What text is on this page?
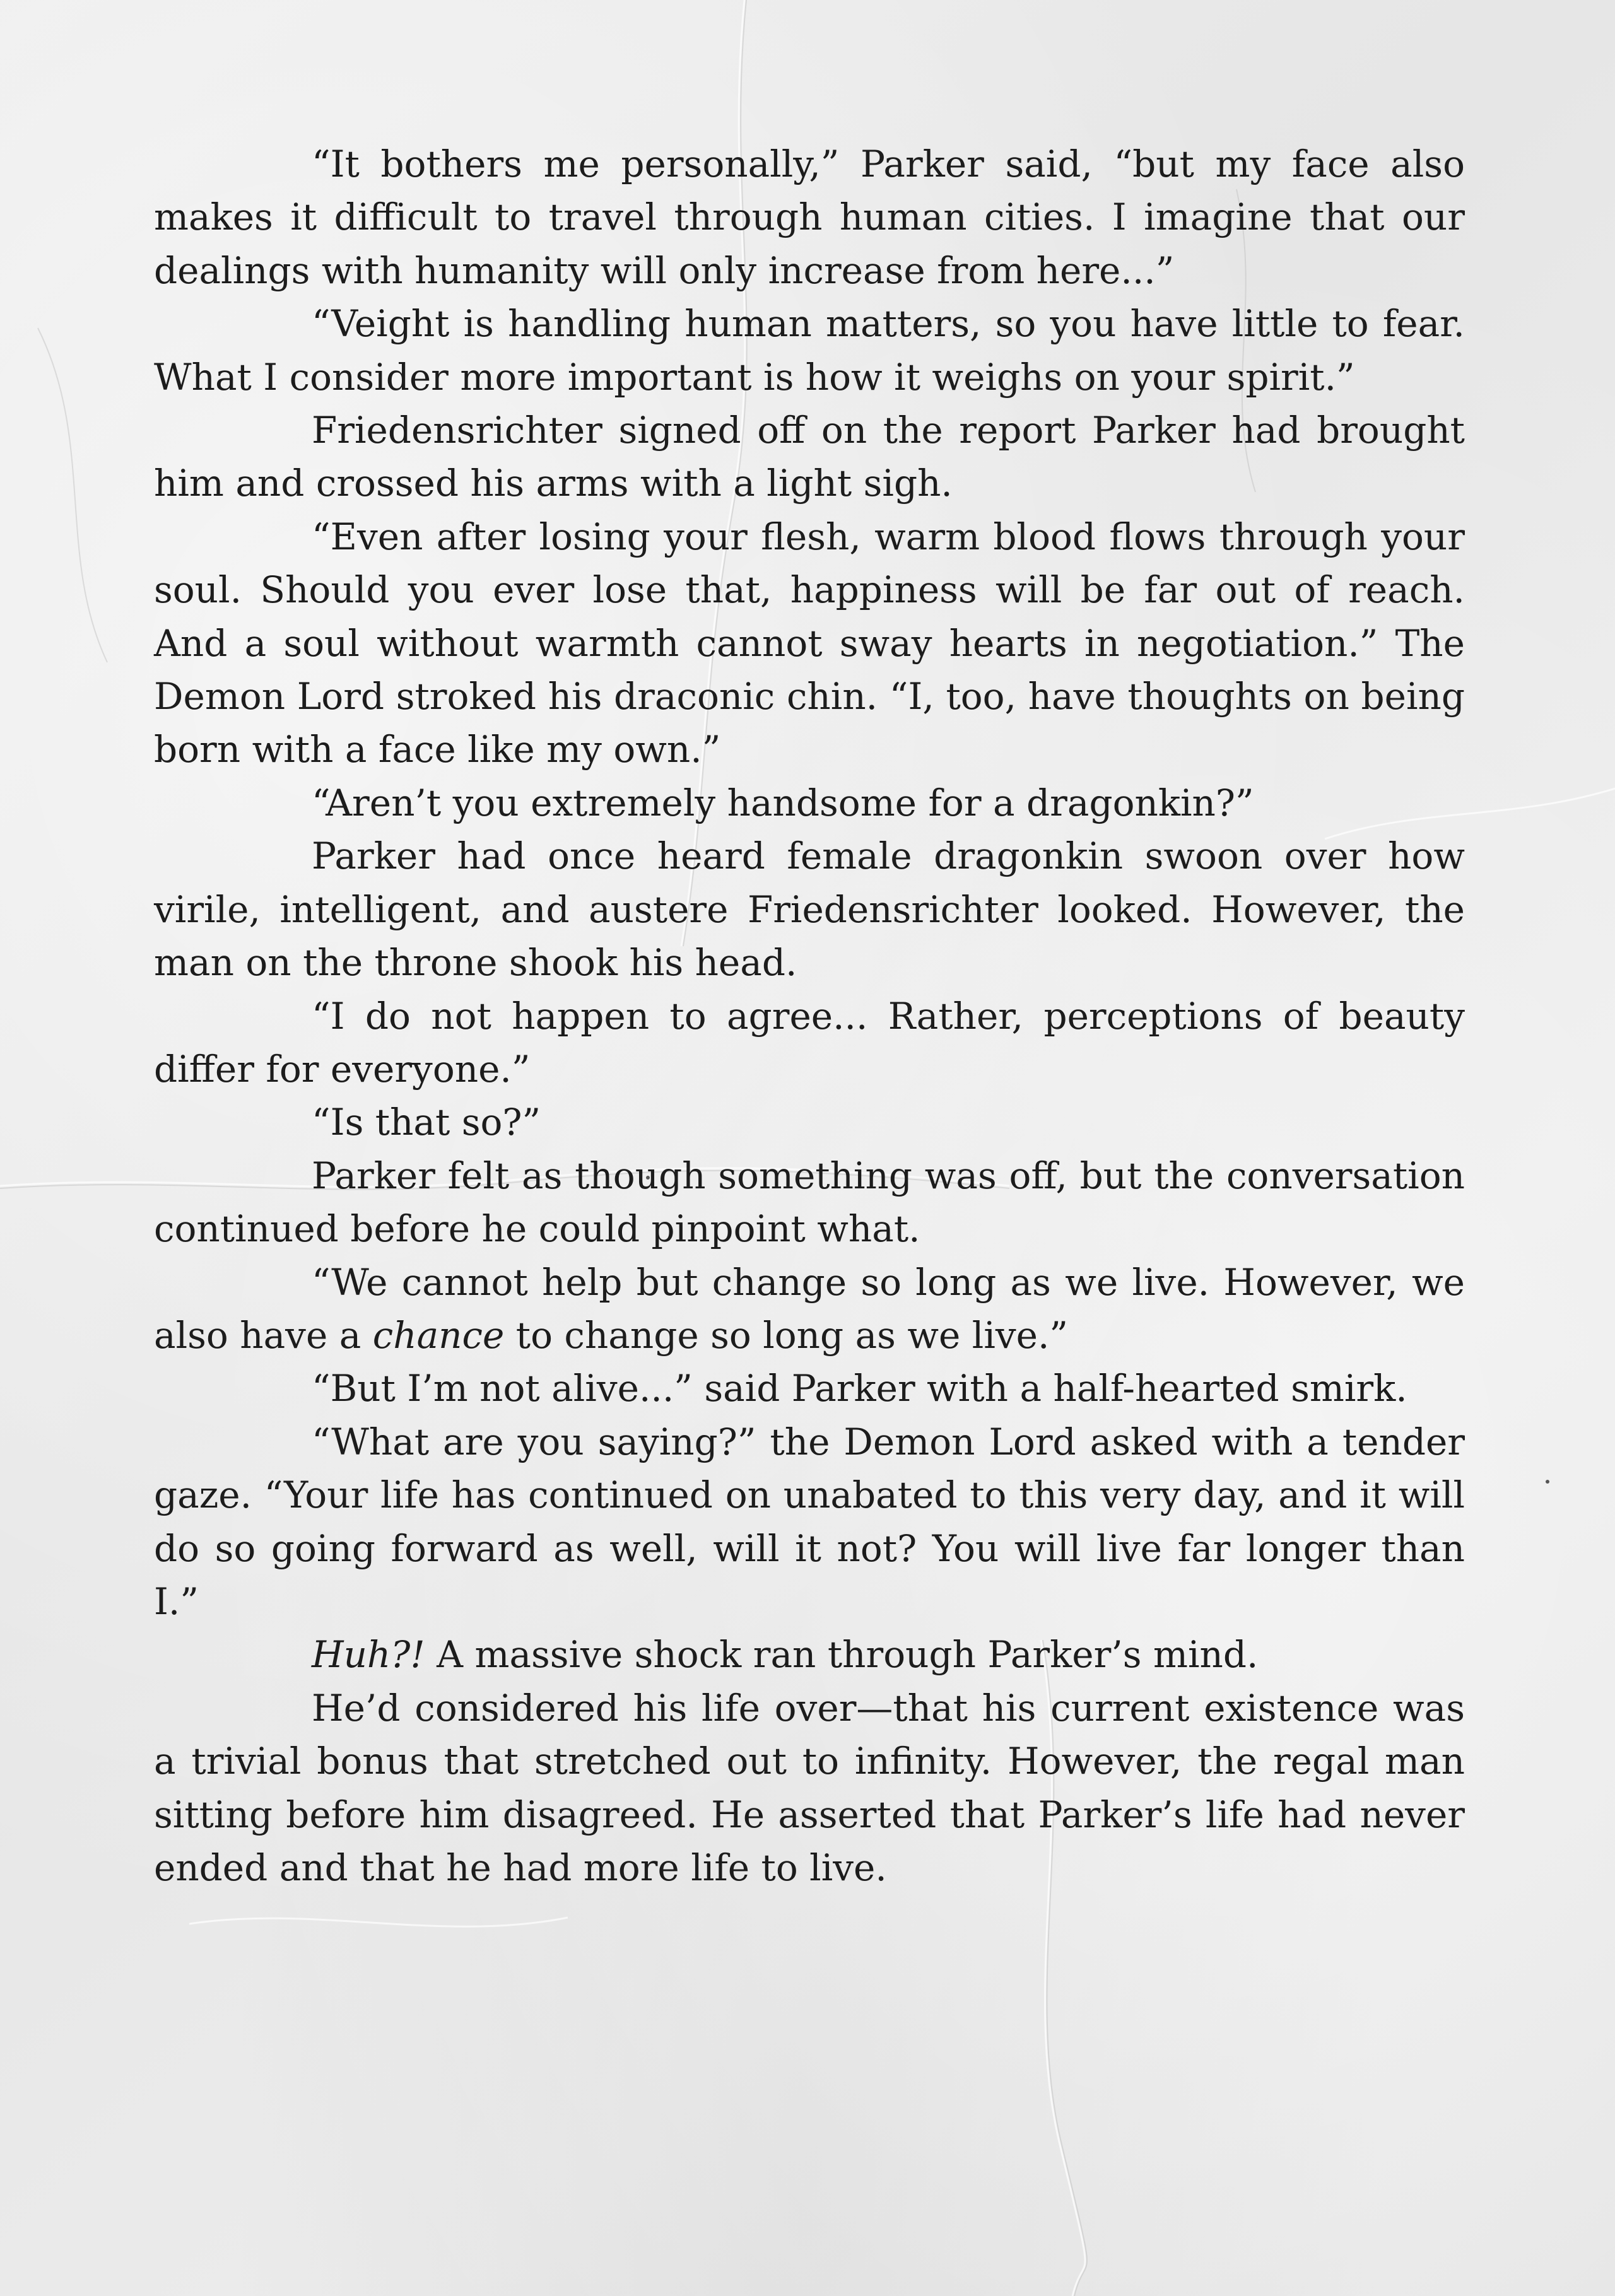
“It bothers me personally,” Parker said, “but my face also makes it difficult to travel through human cities. I imagine that our dealings with humanity will only increase from here...”

“Veight is handling human matters, so you have little to fear. What I consider more important is how it weighs on your spirit.”

Friedensrichter signed off on the report Parker had brought him and crossed his arms with a light sigh.

“Even after losing your flesh, warm blood flows through your soul. Should you ever lose that, happiness will be far out of reach. And a soul without warmth cannot sway hearts in negotiation.” The Demon Lord stroked his draconic chin. “I, too, have thoughts on being born with a face like my own.”

“Aren’t you extremely handsome for a dragonkin?”

Parker had once heard female dragonkin swoon over how virile, intelligent, and austere Friedensrichter looked. However, the man on the throne shook his head.

“I do not happen to agree... Rather, perceptions of beauty differ for everyone.”

“Is that so?”

Parker felt as though something was off, but the conversation continued before he could pinpoint what.

“We cannot help but change so long as we live. However, we also have a chance to change so long as we live.”

“But I’m not alive...” said Parker with a half-hearted smirk.

“What are you saying?” the Demon Lord asked with a tender gaze. “Your life has continued on unabated to this very day, and it will do so going forward as well, will it not? You will live far longer than I.”

Huh?! A massive shock ran through Parker’s mind.

He’d considered his life over—that his current existence was a trivial bonus that stretched out to infinity. However, the regal man sitting before him disagreed. He asserted that Parker’s life had never ended and that he had more life to live.
